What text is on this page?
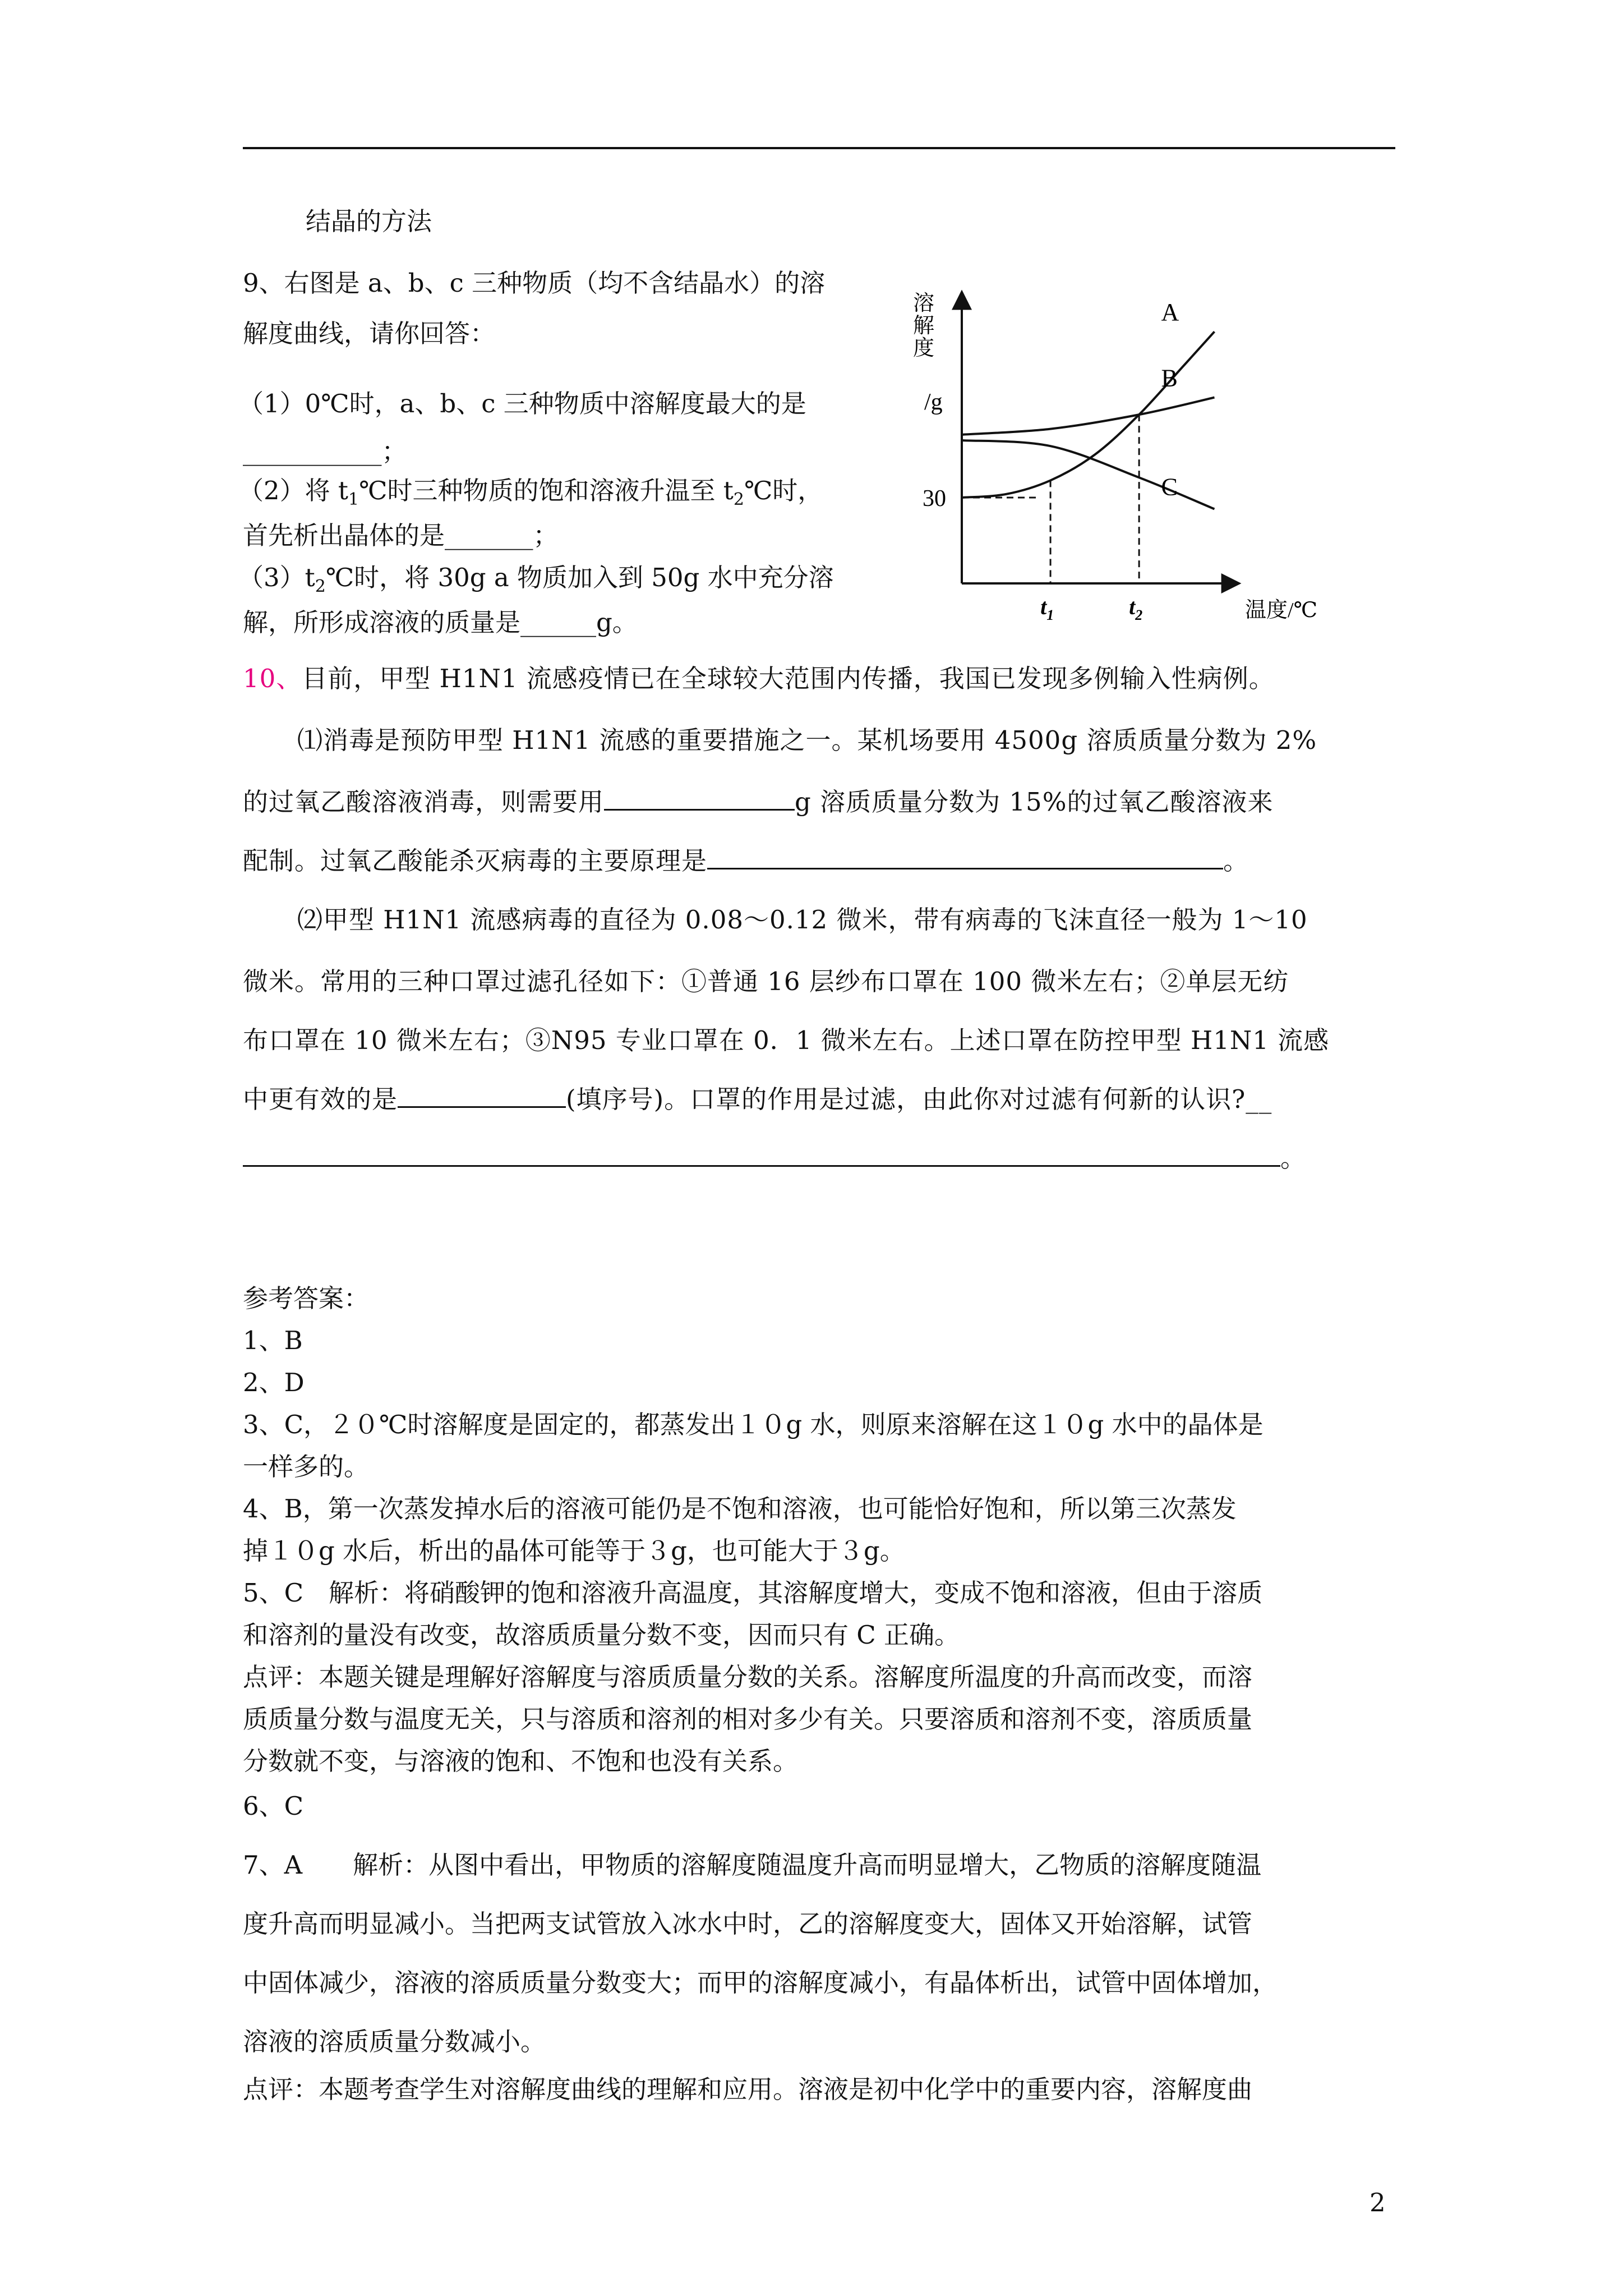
结晶的方法
9、右图是 a、b、c 三种物质（均不含结晶水）的溶
解度曲线，请你回答：
（1）0℃时，a、b、c 三种物质中溶解度最大的是
___________；
（2）将 $t_1℃$时三种物质的饱和溶液升温至 $t_2℃$时，
首先析出晶体的是_______；
$(3)t_2℃$时，将 30g a 物质加入到 50g 水中充分溶
解，所形成溶液的质量是______g。
溶
解
度
/g
温度/℃
A
B
C
30
$t_1$	$t_2$
10、目前，甲型 H1N1 流感疫情已在全球较大范围内传播，我国已发现多例输入性病例。
⑴消毒是预防甲型 H1N1 流感的重要措施之一。某机场要用 4500g 溶质质量分数为 2%
的过氧乙酸溶液消毒，则需要用	g 溶质质量分数为 15%的过氧乙酸溶液来
配制。过氧乙酸能杀灭病毒的主要原理是	。
⑵甲型 H1N1 流感病毒的直径为 0.08～0.12 微米，带有病毒的飞沫直径一般为 1～10
微米。常用的三种口罩过滤孔径如下：①普通 16 层纱布口罩在 100 微米左右；②单层无纺
布口罩在 10 微米左右；③N95 专业口罩在 0．1 微米左右。上述口罩在防控甲型 H1N1 流感
中更有效的是	(填序号)。口罩的作用是过滤，由此你对过滤有何新的认识?__
。
参考答案：
1、B
2、D
3、C，２０℃时溶解度是固定的，都蒸发出１０g 水，则原来溶解在这１０g 水中的晶体是
一样多的。
4、B，第一次蒸发掉水后的溶液可能仍是不饱和溶液，也可能恰好饱和，所以第三次蒸发
掉１０g 水后，析出的晶体可能等于３g，也可能大于３g。
5、C　解析：将硝酸钾的饱和溶液升高温度，其溶解度增大，变成不饱和溶液，但由于溶质
和溶剂的量没有改变，故溶质质量分数不变，因而只有 C 正确。
点评：本题关键是理解好溶解度与溶质质量分数的关系。溶解度所温度的升高而改变，而溶
质质量分数与温度无关，只与溶质和溶剂的相对多少有关。只要溶质和溶剂不变，溶质质量
分数就不变，与溶液的饱和、不饱和也没有关系。
6、C
7、A　　解析：从图中看出，甲物质的溶解度随温度升高而明显增大，乙物质的溶解度随温
度升高而明显减小。当把两支试管放入冰水中时，乙的溶解度变大，固体又开始溶解，试管
中固体减少，溶液的溶质质量分数变大；而甲的溶解度减小，有晶体析出，试管中固体增加，
溶液的溶质质量分数减小。
点评：本题考查学生对溶解度曲线的理解和应用。溶液是初中化学中的重要内容，溶解度曲
2
